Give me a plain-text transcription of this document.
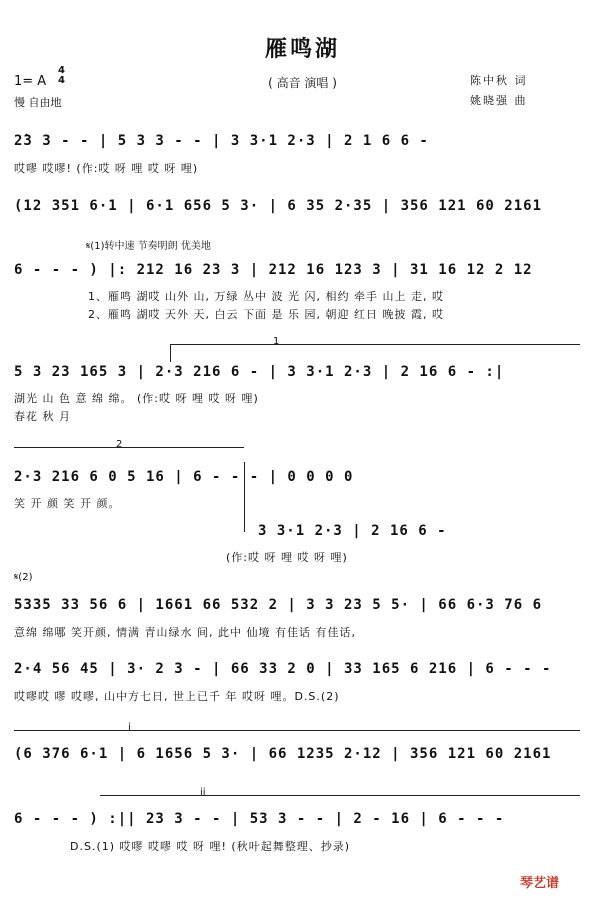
雁鸣湖
( 高音 演唱 )
1= A
4
4
慢 自由地
陈中秋 词
姚晓强 曲
2̇3 3 - - | 5 3 3 - - | 3 3·1 2·3 | 2 1 6 6 -
哎嘐 哎嘐! (作:哎 呀 哩 哎 呀 哩)
(12 351 6·1 | 6·1 656 5 3· | 6 35 2·35 | 356 121 60 2161
𝄋(1)转中速 节奏明朗 优美地
6 - - - ) |: 212 16 23 3 | 212 16 123 3 | 31 16 12 2 12
1、雁鸣 湖哎 山外 山, 万绿 丛中 波 光 闪, 相约 牵手 山上 走, 哎
2、雁鸣 湖哎 天外 天, 白云 下面 是 乐 园, 朝迎 红日 晚披 霞, 哎
1
5 3 23 165 3 | 2·3 216 6 - | 3 3·1 2·3 | 2 16 6 - :|
湖光 山 色 意 绵 绵。 (作:哎 呀 哩 哎 呀 哩)
春花 秋 月
2
2·3 216 6 0 5 16 | 6 - - - | 0 0 0 0
笑 开 颜 笑 开 颜。
3 3·1 2·3 | 2 16 6 -
(作:哎 呀 哩 哎 呀 哩)
𝄋(2)
5335 33 56 6 | 1661 66 532 2 | 3 3 23 5 5· | 66 6·3 76 6
意绵 绵哪 笑开颜, 情满 青山绿水 间, 此中 仙境 有佳话 有佳话,
2·4 56 45 | 3· 2 3 - | 66 33 2 0 | 33 165 6 216 | 6 - - -
哎嘐哎 嘐 哎嘐, 山中方七日, 世上已千 年 哎呀 哩。D.S.(2)
i
(6 376 6·1 | 6 1656 5 3· | 66 1235 2·12 | 356 121 60 2161
ii
6 - - - ) :|| 23 3 - - | 53 3 - - | 2 - 16 | 6 - - -
D.S.(1) 哎嘐 哎嘐 哎 呀 哩! (秋叶起舞整理、抄录)
琴艺谱
